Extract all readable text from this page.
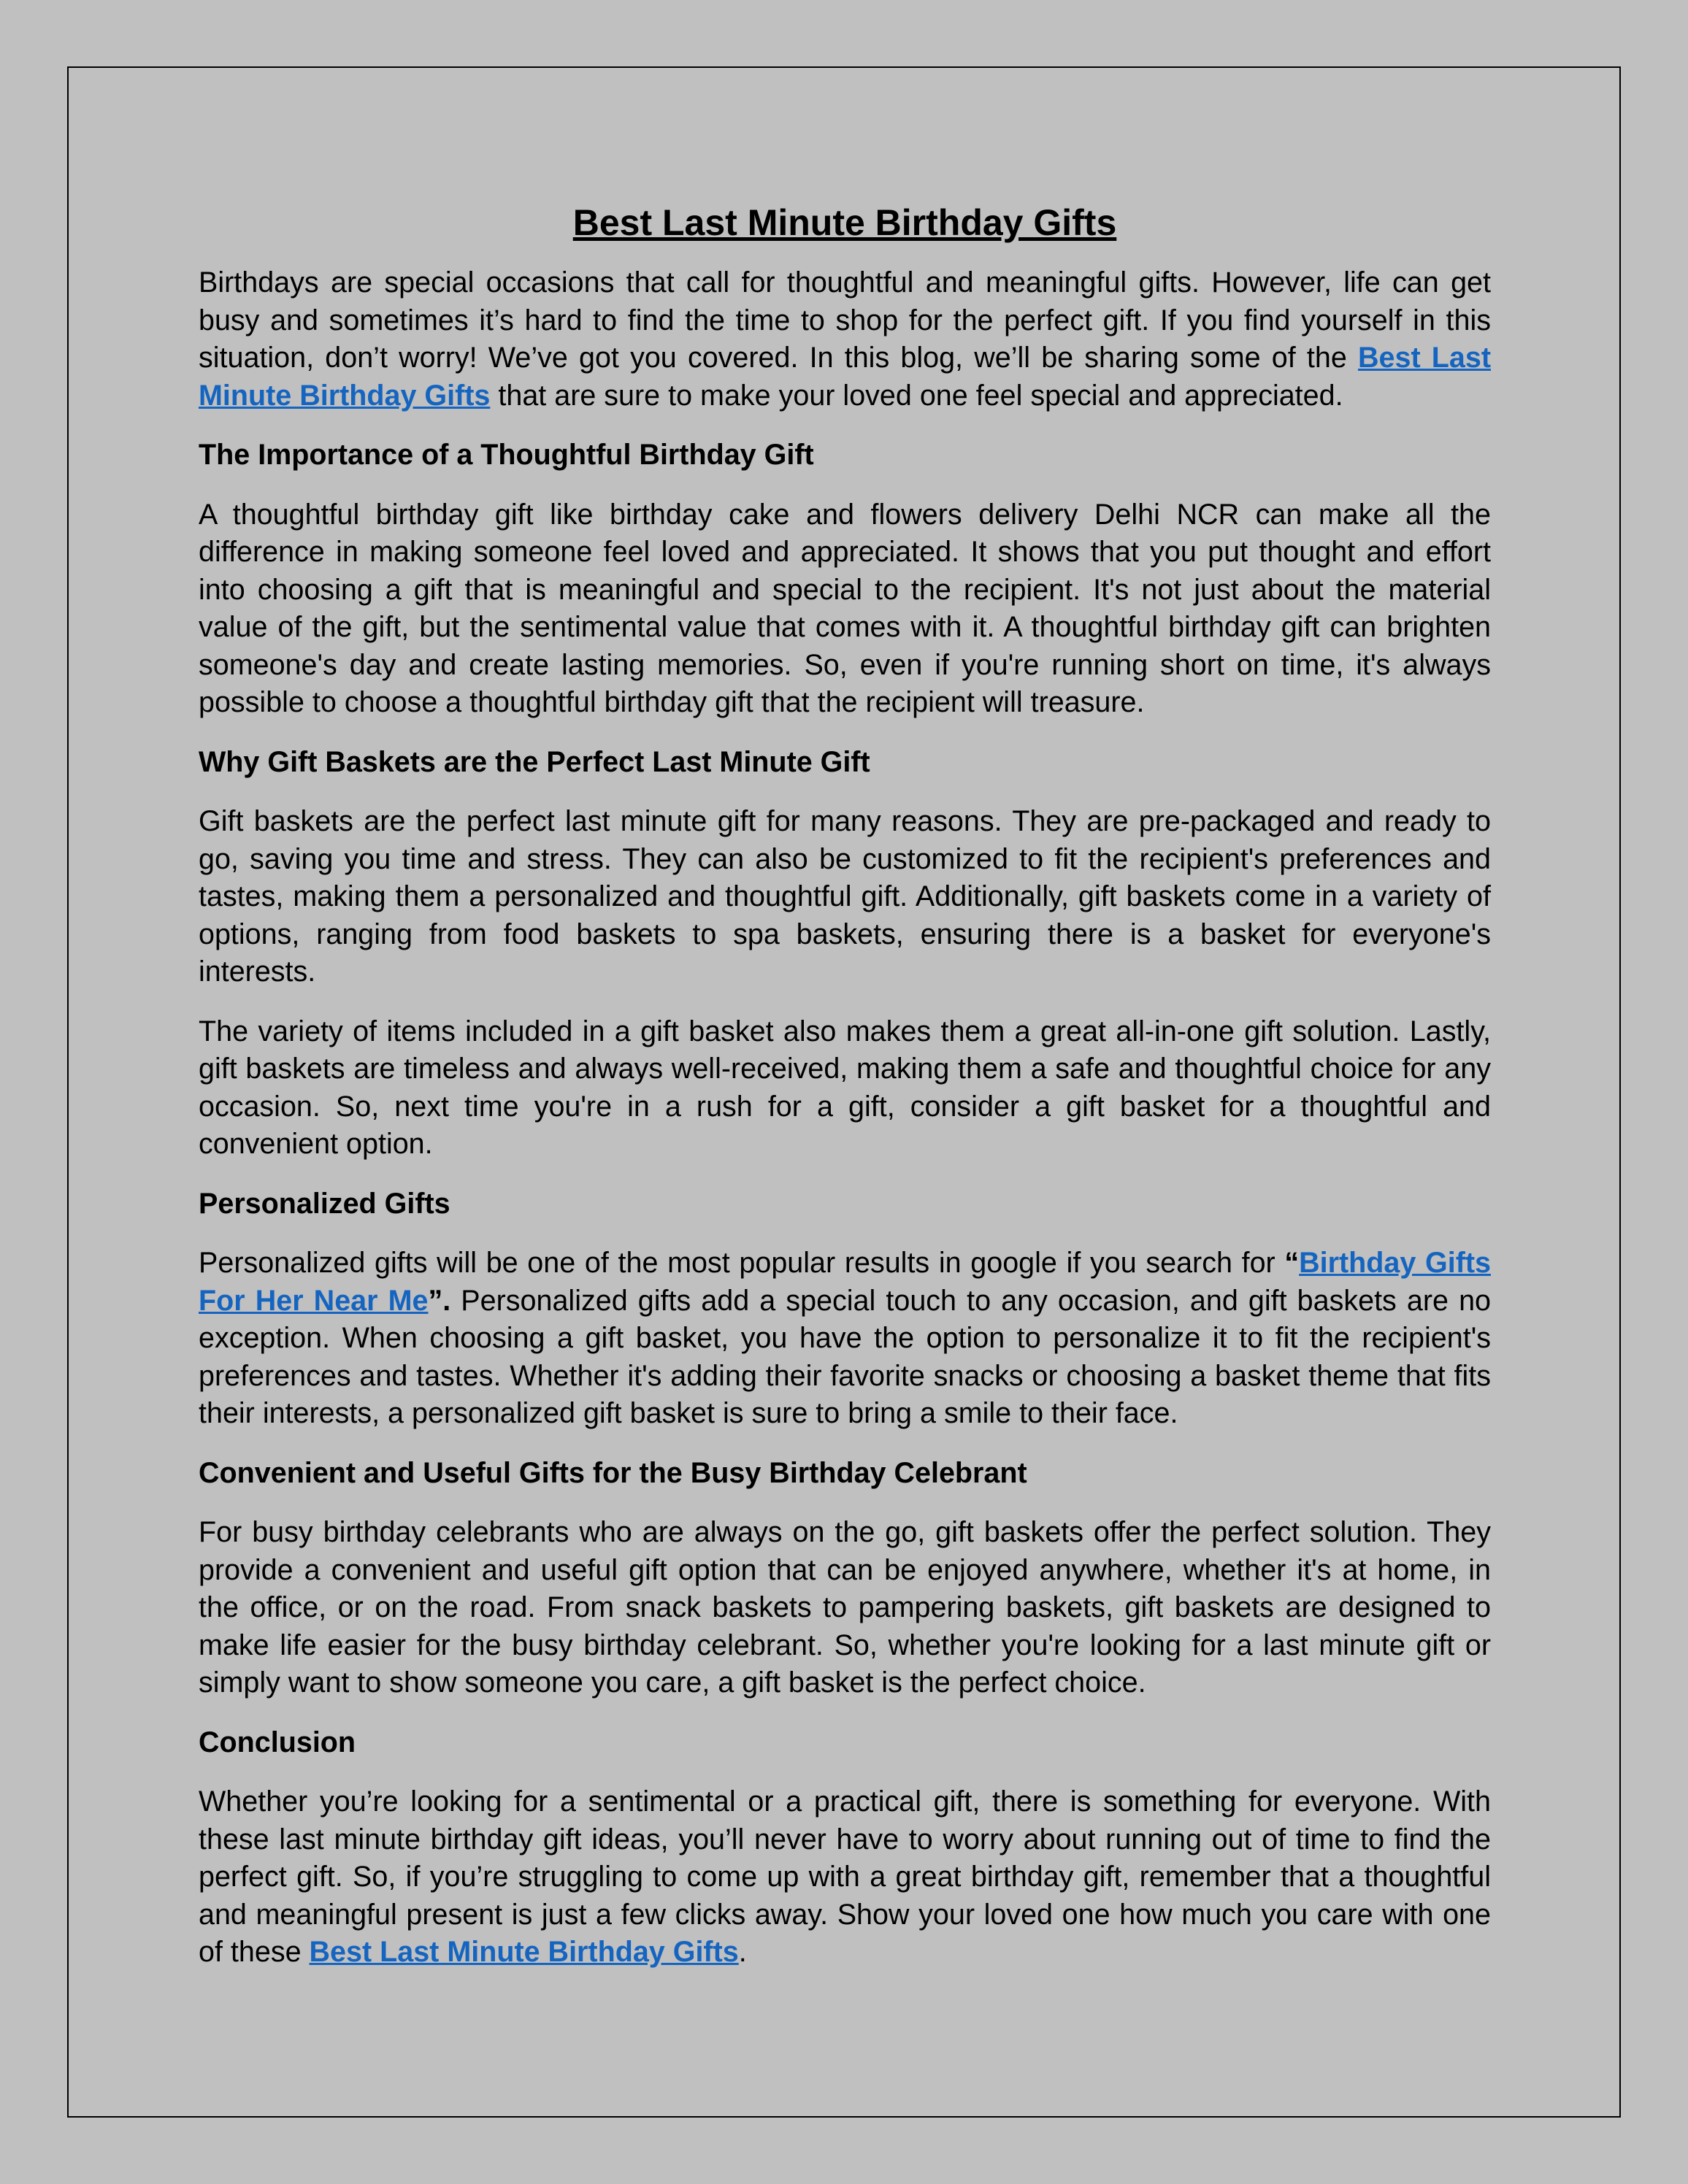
Best Last Minute Birthday Gifts

Birthdays are special occasions that call for thoughtful and meaningful gifts. However, life can get busy and sometimes it’s hard to find the time to shop for the perfect gift. If you find yourself in this situation, don’t worry! We’ve got you covered. In this blog, we’ll be sharing some of the Best Last Minute Birthday Gifts that are sure to make your loved one feel special and appreciated.

The Importance of a Thoughtful Birthday Gift

A thoughtful birthday gift like birthday cake and flowers delivery Delhi NCR can make all the difference in making someone feel loved and appreciated. It shows that you put thought and effort into choosing a gift that is meaningful and special to the recipient. It's not just about the material value of the gift, but the sentimental value that comes with it. A thoughtful birthday gift can brighten someone's day and create lasting memories. So, even if you're running short on time, it's always possible to choose a thoughtful birthday gift that the recipient will treasure.

Why Gift Baskets are the Perfect Last Minute Gift

Gift baskets are the perfect last minute gift for many reasons. They are pre-packaged and ready to go, saving you time and stress. They can also be customized to fit the recipient's preferences and tastes, making them a personalized and thoughtful gift. Additionally, gift baskets come in a variety of options, ranging from food baskets to spa baskets, ensuring there is a basket for everyone's interests.

The variety of items included in a gift basket also makes them a great all-in-one gift solution. Lastly, gift baskets are timeless and always well-received, making them a safe and thoughtful choice for any occasion. So, next time you're in a rush for a gift, consider a gift basket for a thoughtful and convenient option.

Personalized Gifts

Personalized gifts will be one of the most popular results in google if you search for “Birthday Gifts For Her Near Me”. Personalized gifts add a special touch to any occasion, and gift baskets are no exception. When choosing a gift basket, you have the option to personalize it to fit the recipient's preferences and tastes. Whether it's adding their favorite snacks or choosing a basket theme that fits their interests, a personalized gift basket is sure to bring a smile to their face.

Convenient and Useful Gifts for the Busy Birthday Celebrant

For busy birthday celebrants who are always on the go, gift baskets offer the perfect solution. They provide a convenient and useful gift option that can be enjoyed anywhere, whether it's at home, in the office, or on the road. From snack baskets to pampering baskets, gift baskets are designed to make life easier for the busy birthday celebrant. So, whether you're looking for a last minute gift or simply want to show someone you care, a gift basket is the perfect choice.

Conclusion

Whether you’re looking for a sentimental or a practical gift, there is something for everyone. With these last minute birthday gift ideas, you’ll never have to worry about running out of time to find the perfect gift. So, if you’re struggling to come up with a great birthday gift, remember that a thoughtful and meaningful present is just a few clicks away. Show your loved one how much you care with one of these Best Last Minute Birthday Gifts.
